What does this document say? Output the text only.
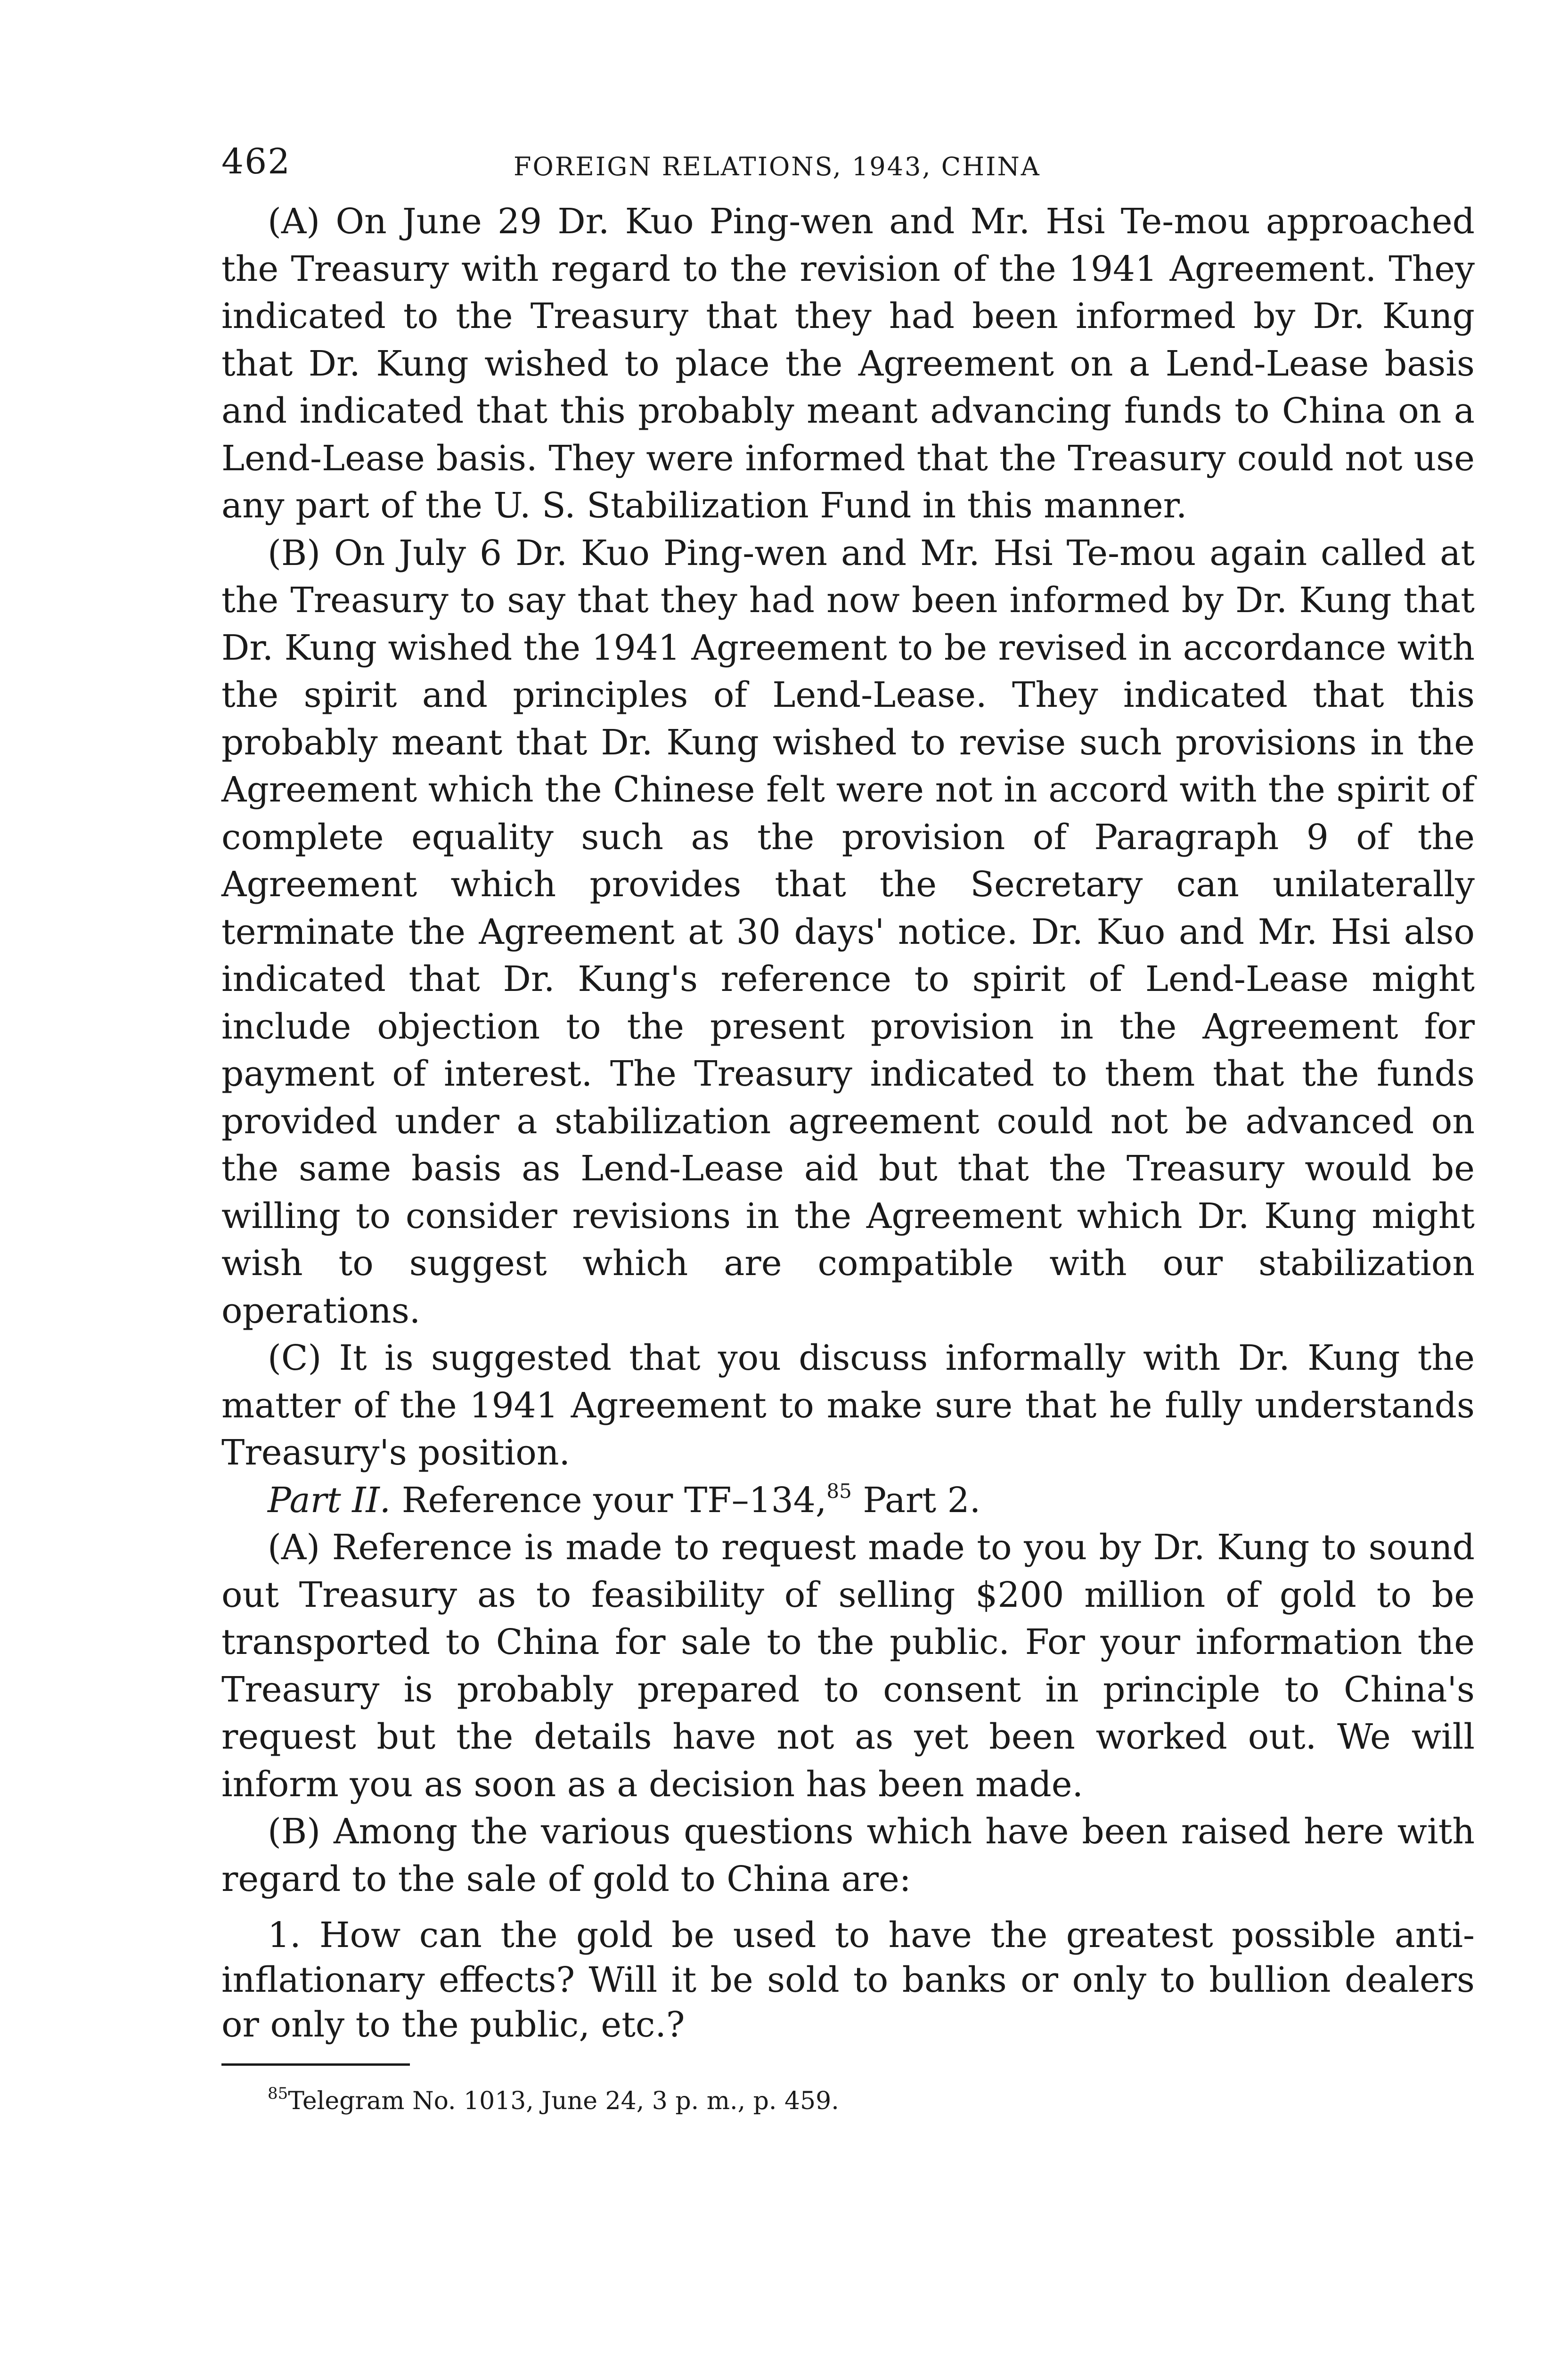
462	FOREIGN RELATIONS, 1943, CHINA

(A) On June 29 Dr. Kuo Ping-wen and Mr. Hsi Te-mou approached the Treasury with regard to the revision of the 1941 Agreement. They indicated to the Treasury that they had been informed by Dr. Kung that Dr. Kung wished to place the Agreement on a Lend-Lease basis and indicated that this probably meant advancing funds to China on a Lend-Lease basis. They were informed that the Treasury could not use any part of the U. S. Stabilization Fund in this manner.

(B) On July 6 Dr. Kuo Ping-wen and Mr. Hsi Te-mou again called at the Treasury to say that they had now been informed by Dr. Kung that Dr. Kung wished the 1941 Agreement to be revised in accordance with the spirit and principles of Lend-Lease. They indicated that this probably meant that Dr. Kung wished to revise such provisions in the Agreement which the Chinese felt were not in accord with the spirit of complete equality such as the provision of Paragraph 9 of the Agreement which provides that the Secretary can unilaterally terminate the Agreement at 30 days' notice. Dr. Kuo and Mr. Hsi also indicated that Dr. Kung's reference to spirit of Lend-Lease might include objection to the present provision in the Agreement for payment of interest. The Treasury indicated to them that the funds provided under a stabilization agreement could not be advanced on the same basis as Lend-Lease aid but that the Treasury would be willing to consider revisions in the Agreement which Dr. Kung might wish to suggest which are compatible with our stabilization operations.

(C) It is suggested that you discuss informally with Dr. Kung the matter of the 1941 Agreement to make sure that he fully understands Treasury's position.

Part II. Reference your TF–134,85 Part 2.

(A) Reference is made to request made to you by Dr. Kung to sound out Treasury as to feasibility of selling $200 million of gold to be transported to China for sale to the public. For your information the Treasury is probably prepared to consent in principle to China's request but the details have not as yet been worked out. We will inform you as soon as a decision has been made.

(B) Among the various questions which have been raised here with regard to the sale of gold to China are:

1. How can the gold be used to have the greatest possible anti-inflationary effects? Will it be sold to banks or only to bullion dealers or only to the public, etc.?

$^{85}$Telegram No. 1013, June 24, 3 p. m., p. 459.
